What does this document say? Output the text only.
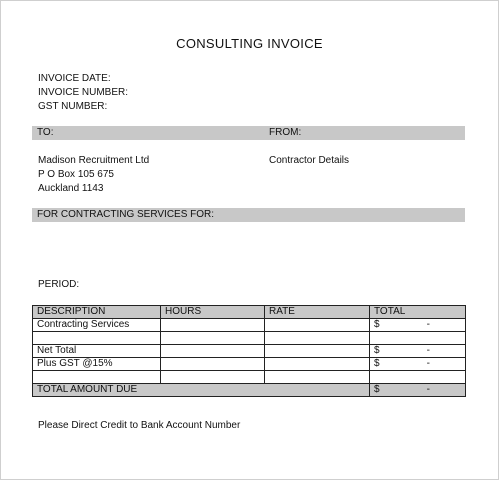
CONSULTING INVOICE
INVOICE DATE:
INVOICE NUMBER:
GST NUMBER:
TO:	FROM:
Madison Recruitment Ltd
P O Box 105 675
Auckland 1143
Contractor Details
FOR CONTRACTING SERVICES FOR:
PERIOD:
DESCRIPTION	HOURS	RATE	TOTAL
Contracting Services			$ -

Net Total			$ -
Plus GST @15%			$ -

TOTAL AMOUNT DUE			$ -
Please Direct Credit to Bank Account Number
